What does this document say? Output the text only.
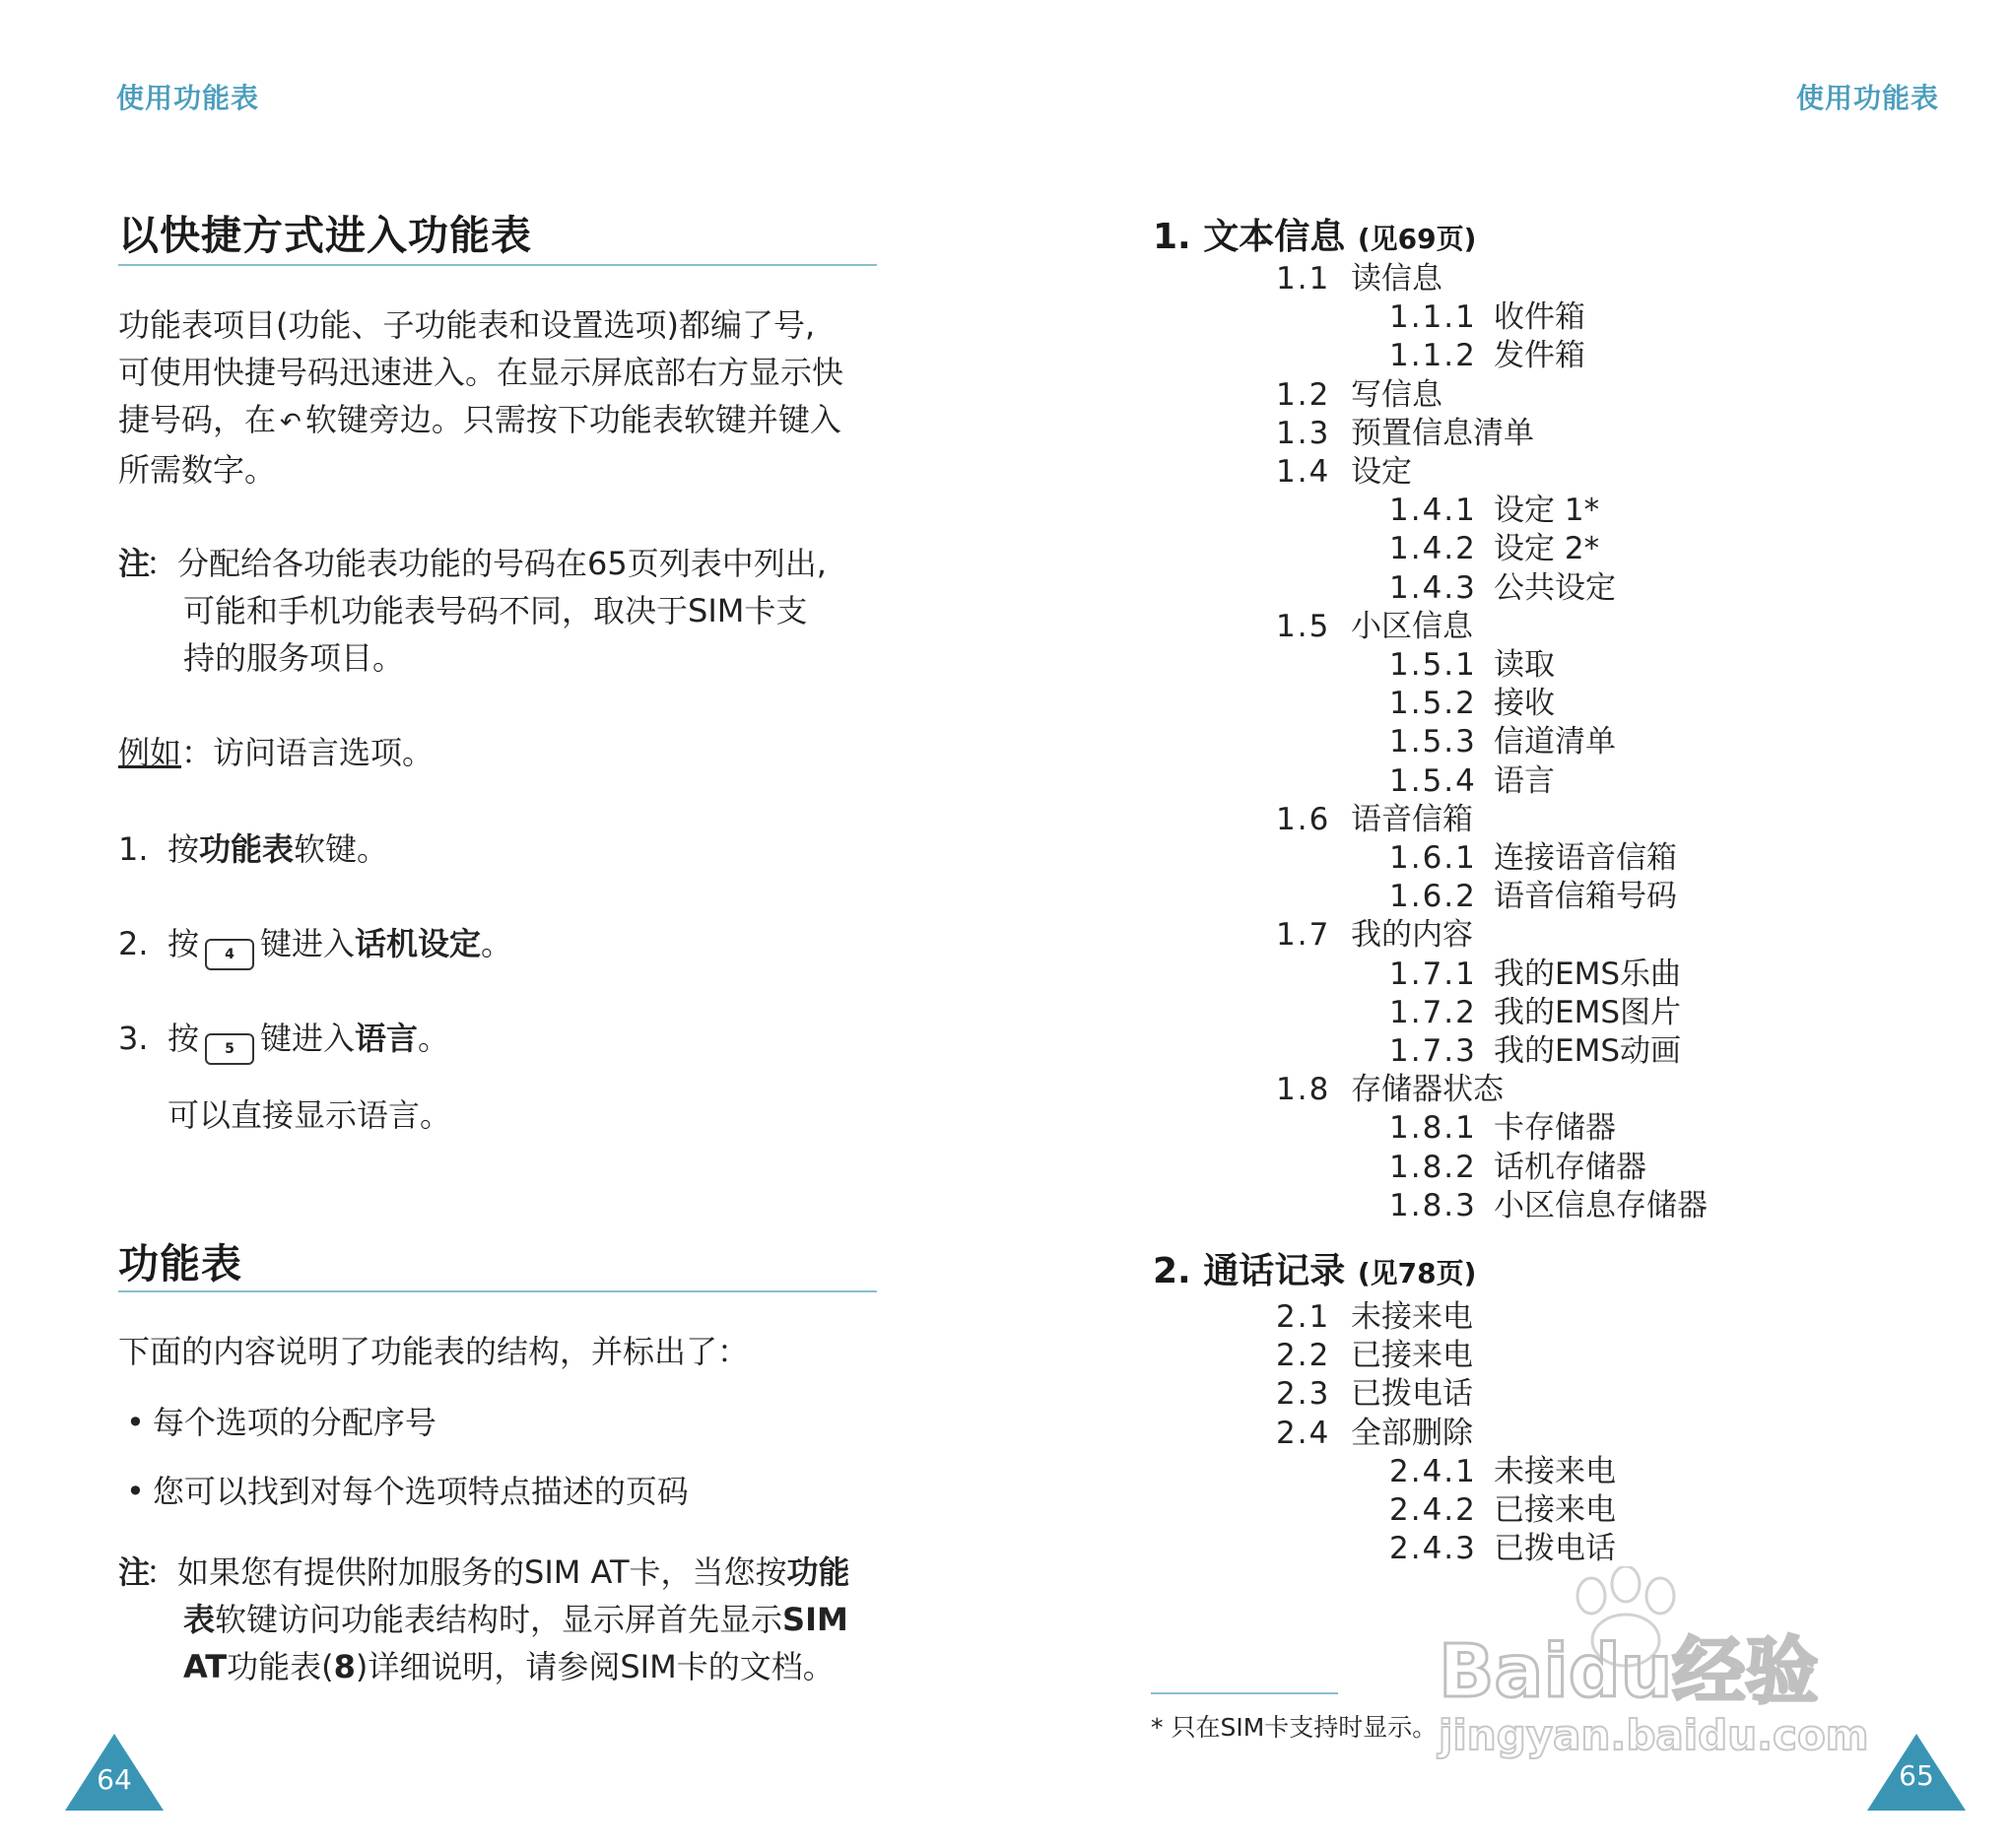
使用功能表
以快捷方式进入功能表
功能表项目(功能、子功能表和设置选项)都编了号,
可使用快捷号码迅速进入。在显示屏底部右方显示快
捷号码，在 ↶ 软键旁边。只需按下功能表软键并键入
所需数字。
注
：分配给各功能表功能的号码在65页列表中列出,
可能和手机功能表号码不同，取决于SIM卡支
持的服务项目。
例如：访问语言选项。
1. 按功能表软键。
2. 按 4 键进入话机设定。
3. 按 5 键进入语言。
可以直接显示语言。
功能表
下面的内容说明了功能表的结构，并标出了：
• 每个选项的分配序号
• 您可以找到对每个选项特点描述的页码
注
：如果您有提供附加服务的SIM AT卡，当您按功能
表软键访问功能表结构时，显示屏首先显示SIM
AT功能表(8)详细说明，请参阅SIM卡的文档。
64
使用功能表
65
1. 文本信息 (见69页)
1.1 读信息
1.1.1 收件箱
1.1.2 发件箱
1.2 写信息
1.3 预置信息清单
1.4 设定
1.4.1 设定 1*
1.4.2 设定 2*
1.4.3 公共设定
1.5 小区信息
1.5.1 读取
1.5.2 接收
1.5.3 信道清单
1.5.4 语言
1.6 语音信箱
1.6.1 连接语音信箱
1.6.2 语音信箱号码
1.7 我的内容
1.7.1 我的EMS乐曲
1.7.2 我的EMS图片
1.7.3 我的EMS动画
1.8 存储器状态
1.8.1 卡存储器
1.8.2 话机存储器
1.8.3 小区信息存储器
2. 通话记录 (见78页)
2.1 未接来电
2.2 已接来电
2.3 已拨电话
2.4 全部删除
2.4.1 未接来电
2.4.2 已接来电
2.4.3 已拨电话
* 只在SIM卡支持时显示。
Baidu经验
jingyan.baidu.com
